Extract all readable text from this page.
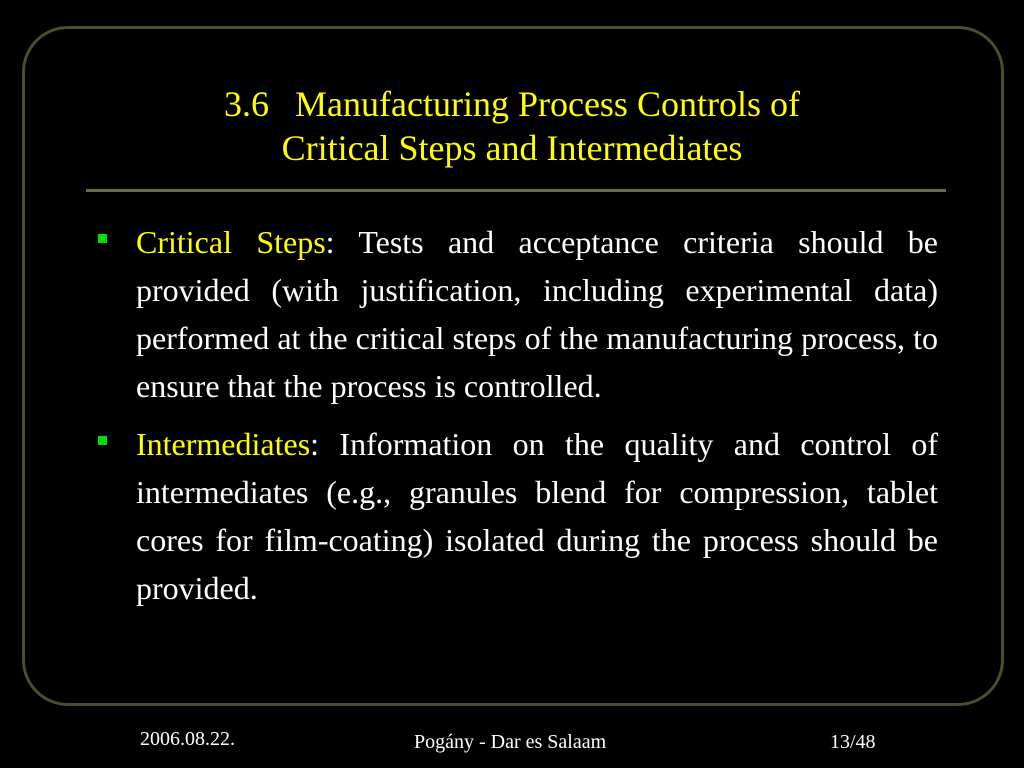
3.6 Manufacturing Process Controls of
Critical Steps and Intermediates
Critical Steps: Tests and acceptance criteria should be provided (with justification, including experimental data) performed at the critical steps of the manufacturing process, to ensure that the process is controlled.
Intermediates: Information on the quality and control of intermediates (e.g., granules blend for compression, tablet cores for film-coating) isolated during the process should be provided.
2006.08.22.	Pogány - Dar es Salaam	13/48
